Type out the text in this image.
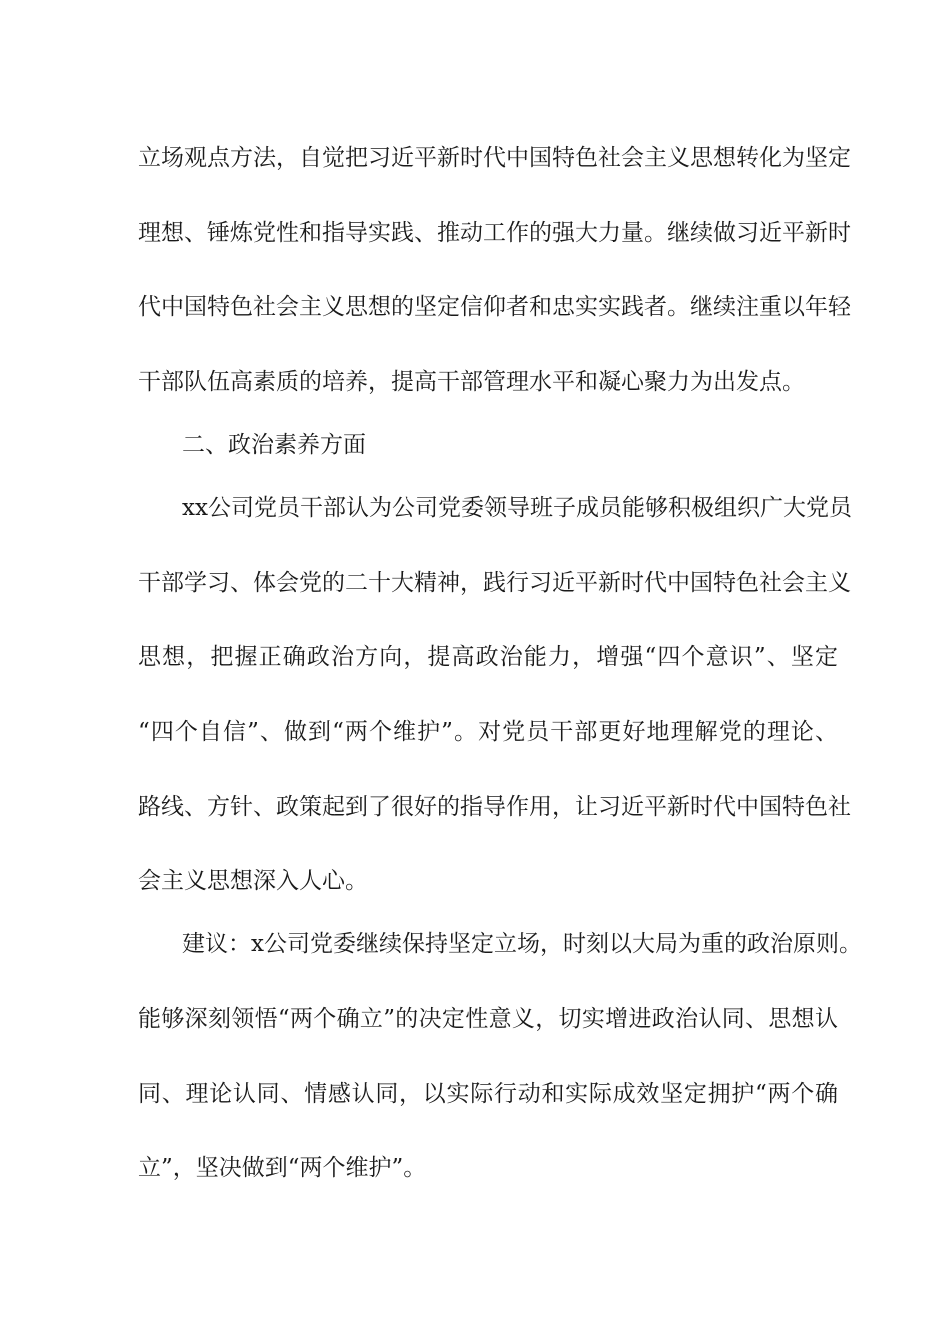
立场观点方法，自觉把习近平新时代中国特色社会主义思想转化为坚定
理想、锤炼党性和指导实践、推动工作的强大力量。继续做习近平新时
代中国特色社会主义思想的坚定信仰者和忠实实践者。继续注重以年轻
干部队伍高素质的培养，提高干部管理水平和凝心聚力为出发点。
二、政治素养方面
xx公司党员干部认为公司党委领导班子成员能够积极组织广大党员
干部学习、体会党的二十大精神，践行习近平新时代中国特色社会主义
思想，把握正确政治方向，提高政治能力，增强“四个意识”、坚定
“四个自信”、做到“两个维护”。对党员干部更好地理解党的理论、
路线、方针、政策起到了很好的指导作用，让习近平新时代中国特色社
会主义思想深入人心。
建议：x公司党委继续保持坚定立场，时刻以大局为重的政治原则。
能够深刻领悟“两个确立”的决定性意义，切实增进政治认同、思想认
同、理论认同、情感认同，以实际行动和实际成效坚定拥护“两个确
立”，坚决做到“两个维护”。
